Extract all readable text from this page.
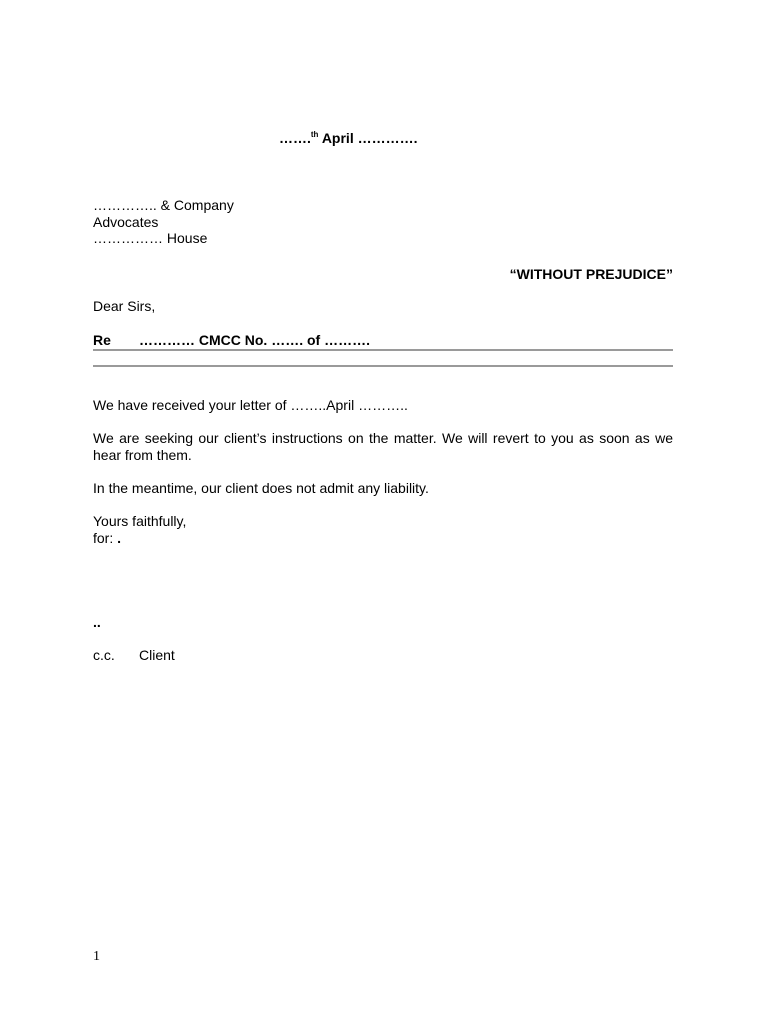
…….$^{th}$ April ………….
………….. & Company
Advocates
…………… House
“WITHOUT PREJUDICE”
Dear Sirs,
Re ………… CMCC No. ……. of ……….
We have received your letter of ……..April ………..
We are seeking our client’s instructions on the matter. We will revert to you as soon as we hear from them.
In the meantime, our client does not admit any liability.
Yours faithfully,
for: .
..
c.c. Client
1
